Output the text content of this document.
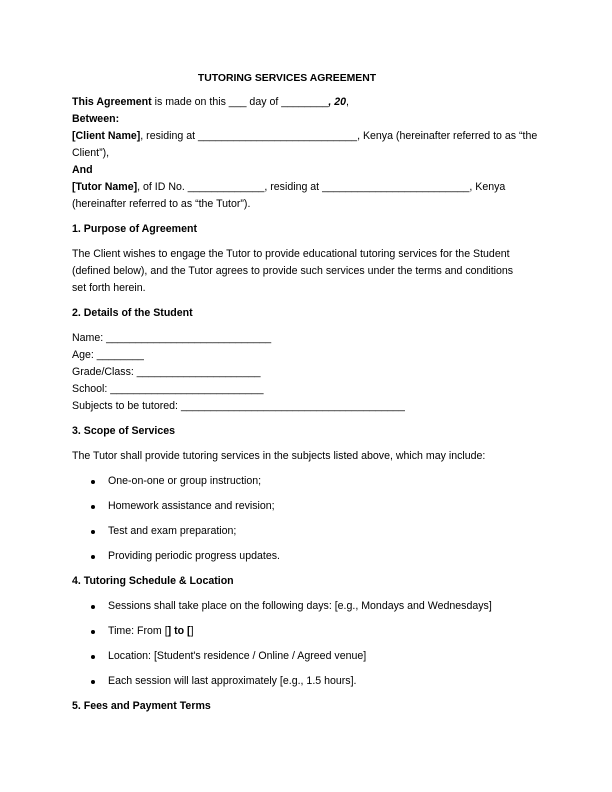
TUTORING SERVICES AGREEMENT

This Agreement is made on this ___ day of ________, 20,

Between:

[Client Name], residing at ___________________________, Kenya (hereinafter referred to as “the

Client”),

And

[Tutor Name], of ID No. _____________, residing at _________________________, Kenya

(hereinafter referred to as “the Tutor”).

1. Purpose of Agreement

The Client wishes to engage the Tutor to provide educational tutoring services for the Student

(defined below), and the Tutor agrees to provide such services under the terms and conditions

set forth herein.

2. Details of the Student

Name: ____________________________

Age: ________

Grade/Class: _____________________

School: __________________________

Subjects to be tutored: ______________________________________

3. Scope of Services

The Tutor shall provide tutoring services in the subjects listed above, which may include:

One-on-one or group instruction;
Homework assistance and revision;
Test and exam preparation;
Providing periodic progress updates.

4. Tutoring Schedule & Location

Sessions shall take place on the following days: [e.g., Mondays and Wednesdays]
Time: From [] to []
Location: [Student's residence / Online / Agreed venue]
Each session will last approximately [e.g., 1.5 hours].

5. Fees and Payment Terms
